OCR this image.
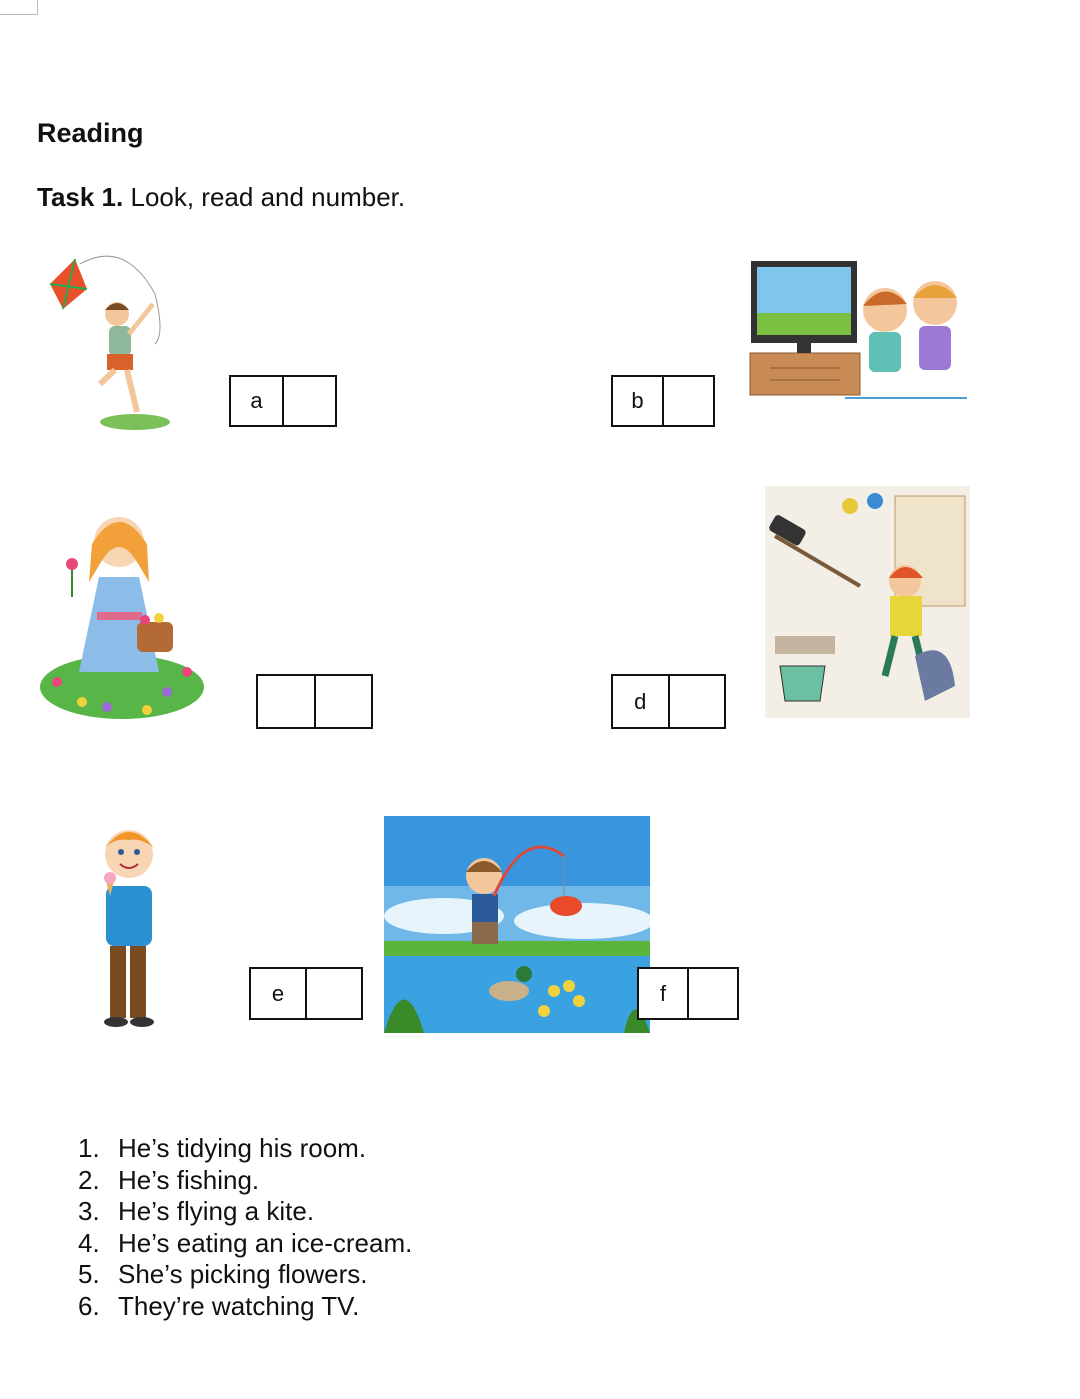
Reading
Task 1. Look, read and number.
a	b
d
e	f
1. He’s tidying his room.
2. He’s fishing.
3. He’s flying a kite.
4. He’s eating an ice-cream.
5. She’s picking flowers.
6. They’re watching TV.
